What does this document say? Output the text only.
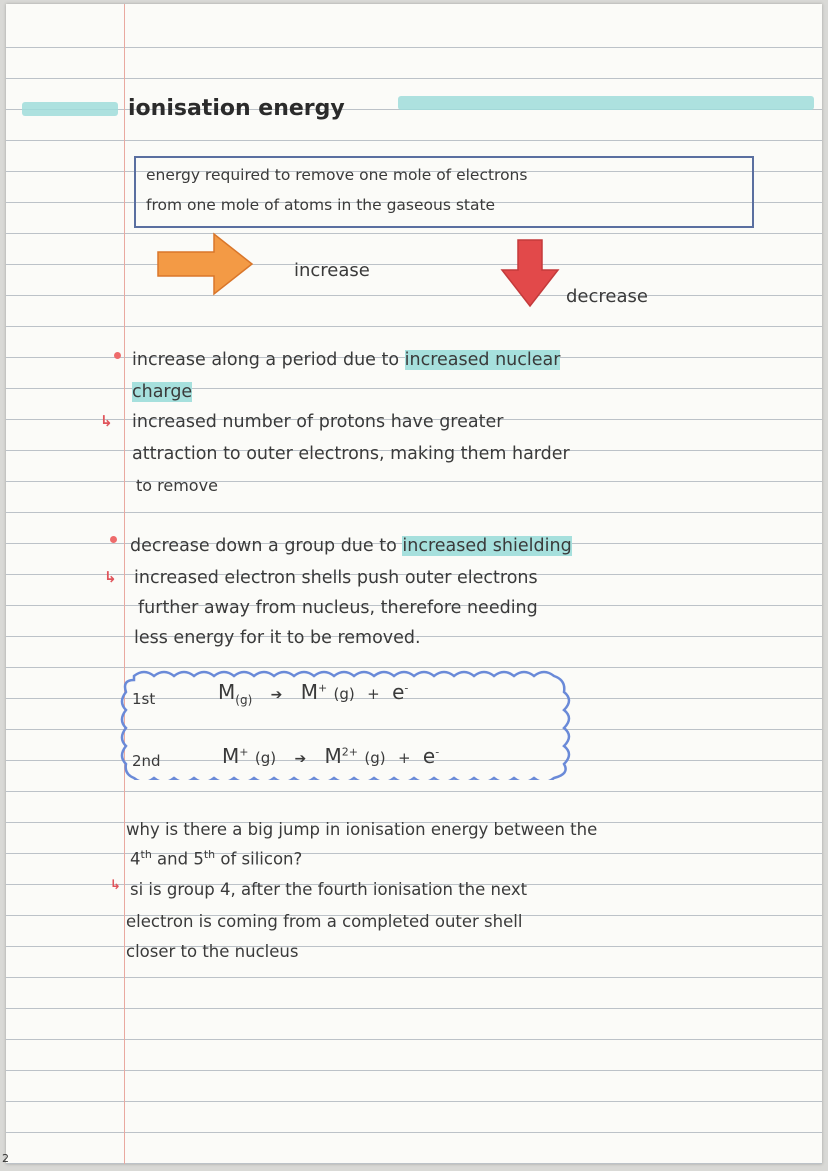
ionisation energy
energy required to remove one mole of electrons
from one mole of atoms in the gaseous state
increase
decrease
increase along a period due to increased nuclear
charge
↳ increased number of protons have greater
attraction to outer electrons, making them harder
to remove
decrease down a group due to increased shielding
↳ increased electron shells push outer electrons
further away from nucleus, therefore needing
less energy for it to be removed.
1st	$M_{(g)}$ ➔ M+ (g) + e-
2nd	M+ (g) ➔ $M^{2+}$ (g) + e-
why is there a big jump in ionisation energy between the
4th and 5th of silicon?
↳ si is group 4, after the fourth ionisation the next
electron is coming from a completed outer shell
closer to the nucleus
2
